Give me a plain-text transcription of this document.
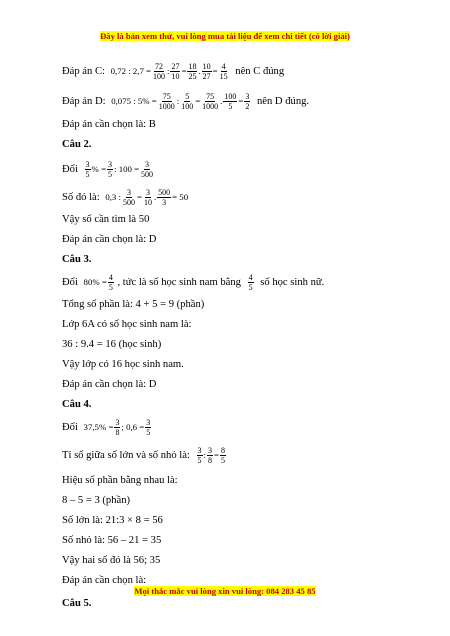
Đây là bản xem thử, vui lòng mua tài liệu để xem chi tiết (có lời giải)
Đáp án C: 0,72 : $2,7 = \frac{72}{100}$ : $\frac{27}{10} = \frac{18}{25}$ . $\frac{10}{27} = \frac{4}{15}$ nên C đúng
Đáp án D: 0,075 : $5\% = \frac{75}{1000}$ : $\frac{5}{100} = \frac{75}{1000}$ . $\frac{100}{5} = \frac{3}{2}$ nên D đúng.
Đáp án cần chọn là: B
Câu 2.
Đổi $\frac{3}{5}$ % = $\frac{3}{5}$ : $100 = \frac{3}{500}$
Số đó là: 0,3 : $\frac{3}{500} = \frac{3}{10}$ . $\frac{500}{3} = 50$
Vậy số cần tìm là 50
Đáp án cần chọn là: D
Câu 3.
Đổi $80\% = \frac{4}{5}$ , tức là số học sinh nam bằng $\frac{4}{5}$ số học sinh nữ.
Tổng số phần là: 4 + 5 = 9 (phần)
Lớp 6A có số học sinh nam là:
36 : 9.4 = 16 (học sinh)
Vậy lớp có 16 học sinh nam.
Đáp án cần chọn là: D
Câu 4.
Đổi $37,5\% = \frac{3}{8}$ ; $0,6 = \frac{3}{5}$
Tỉ số giữa số lớn và số nhỏ là: $\frac{3}{5}$ : $\frac{3}{8} = \frac{8}{5}$
Hiệu số phần bằng nhau là:
8 – 5 = 3 (phần)
Số lớn là: 21:3 × 8 = 56
Số nhỏ là: 56 – 21 = 35
Vậy hai số đó là 56; 35
Đáp án cần chọn là:
Câu 5.
Mọi thắc mắc vui lòng xin vui lòng: 084 283 45 85
